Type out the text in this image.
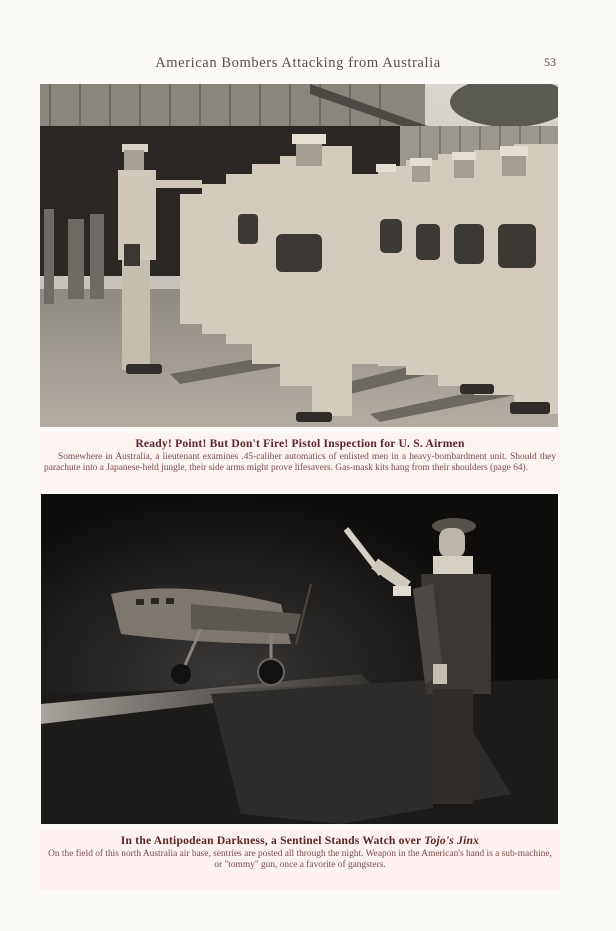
American Bombers Attacking from Australia	53
Ready! Point! But Don't Fire! Pistol Inspection for U. S. Airmen
Somewhere in Australia, a lieutenant examines .45-caliber automatics of enlisted men in a heavy-bombardment unit. Should they parachute into a Japanese-held jungle, their side arms might prove lifesavers. Gas-mask kits hang from their shoulders (page 64).
In the Antipodean Darkness, a Sentinel Stands Watch over Tojo's Jinx
On the field of this north Australia air base, sentries are posted all through the night. Weapon in the American's hand is a sub-machine, or "tommy" gun, once a favorite of gangsters.
